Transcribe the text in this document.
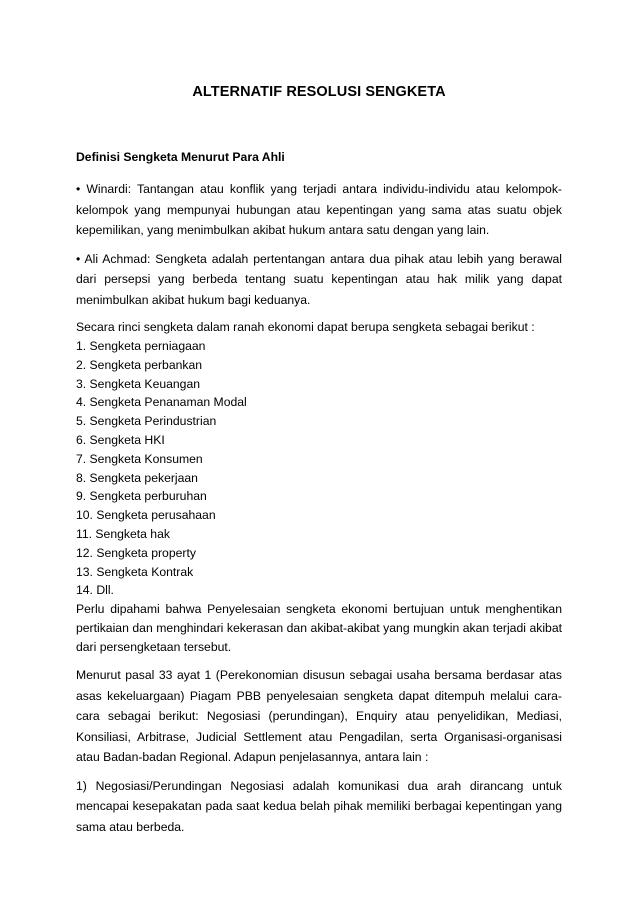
ALTERNATIF RESOLUSI SENGKETA

Definisi Sengketa Menurut Para Ahli

• Winardi: Tantangan atau konflik yang terjadi antara individu-individu atau kelompok-kelompok yang mempunyai hubungan atau kepentingan yang sama atas suatu objek kepemilikan, yang menimbulkan akibat hukum antara satu dengan yang lain.

• Ali Achmad: Sengketa adalah pertentangan antara dua pihak atau lebih yang berawal dari persepsi yang berbeda tentang suatu kepentingan atau hak milik yang dapat menimbulkan akibat hukum bagi keduanya.

Secara rinci sengketa dalam ranah ekonomi dapat berupa sengketa sebagai berikut :

1. Sengketa perniagaan
2. Sengketa perbankan
3. Sengketa Keuangan
4. Sengketa Penanaman Modal
5. Sengketa Perindustrian
6. Sengketa HKI
7. Sengketa Konsumen
8. Sengketa pekerjaan
9. Sengketa perburuhan
10. Sengketa perusahaan
11. Sengketa hak
12. Sengketa property
13. Sengketa Kontrak
14. Dll.

Perlu dipahami bahwa Penyelesaian sengketa ekonomi bertujuan untuk menghentikan pertikaian dan menghindari kekerasan dan akibat-akibat yang mungkin akan terjadi akibat dari persengketaan tersebut.

Menurut pasal 33 ayat 1 (Perekonomian disusun sebagai usaha bersama berdasar atas asas kekeluargaan) Piagam PBB penyelesaian sengketa dapat ditempuh melalui cara-cara sebagai berikut: Negosiasi (perundingan), Enquiry atau penyelidikan, Mediasi, Konsiliasi, Arbitrase, Judicial Settlement atau Pengadilan, serta Organisasi-organisasi atau Badan-badan Regional. Adapun penjelasannya, antara lain :

1) Negosiasi/Perundingan Negosiasi adalah komunikasi dua arah dirancang untuk mencapai kesepakatan pada saat kedua belah pihak memiliki berbagai kepentingan yang sama atau berbeda.
